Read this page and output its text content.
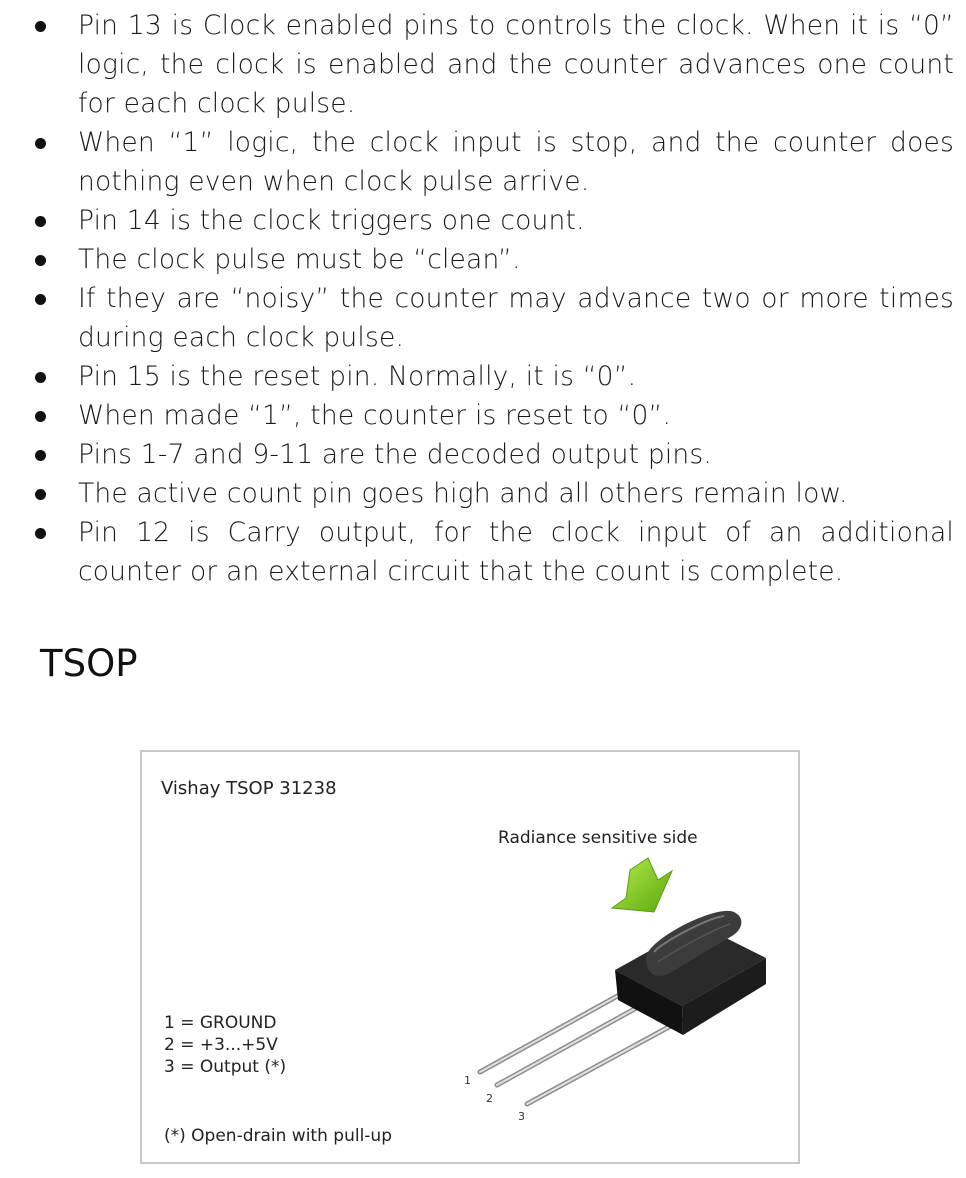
Pin 13 is Clock enabled pins to controls the clock. When it is “0” logic, the clock is enabled and the counter advances one count for each clock pulse.
When “1” logic, the clock input is stop, and the counter does nothing even when clock pulse arrive.
Pin 14 is the clock triggers one count.
The clock pulse must be “clean”.
If they are “noisy” the counter may advance two or more times during each clock pulse.
Pin 15 is the reset pin. Normally, it is “0”.
When made “1”, the counter is reset to “0”.
Pins 1-7 and 9-11 are the decoded output pins.
The active count pin goes high and all others remain low.
Pin 12 is Carry output, for the clock input of an additional counter or an external circuit that the count is complete.
TSOP
Vishay TSOP 31238
Radiance sensitive side
1
2
3
1 = GROUND
2 = +3...+5V
3 = Output (*)
(*) Open-drain with pull-up
